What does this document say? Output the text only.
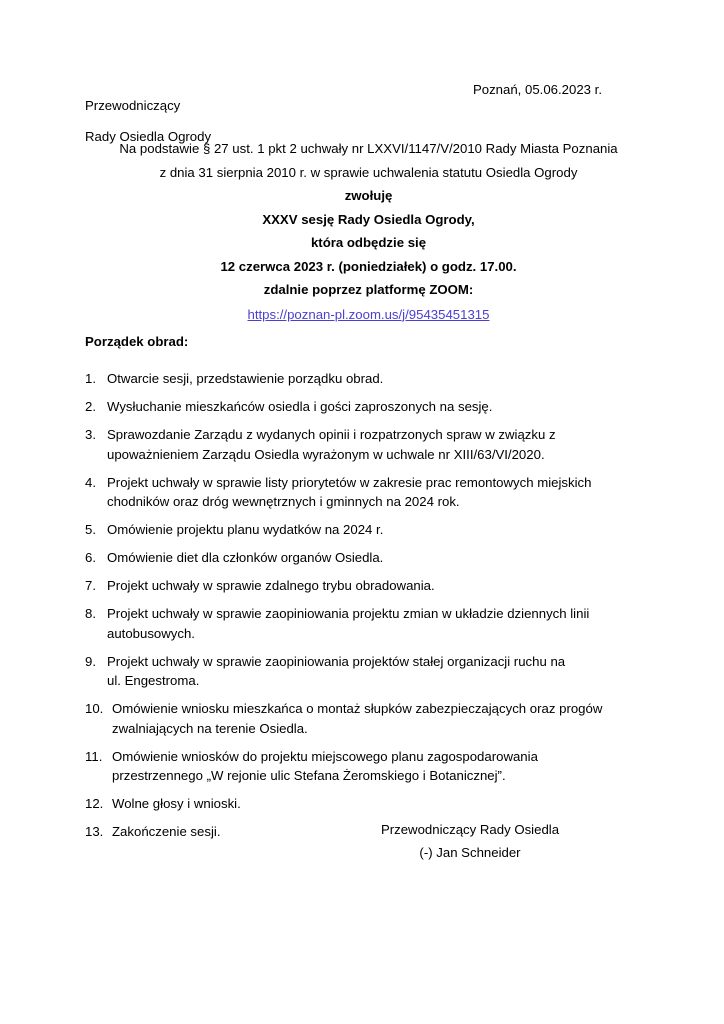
Przewodniczący

Rady Osiedla Ogrody

Poznań, 05.06.2023 r.
Na podstawie § 27 ust. 1 pkt 2 uchwały nr LXXVI/1147/V/2010 Rady Miasta Poznania
z dnia 31 sierpnia 2010 r. w sprawie uchwalenia statutu Osiedla Ogrody
zwołuję
XXXV sesję Rady Osiedla Ogrody,
która odbędzie się
12 czerwca 2023 r. (poniedziałek) o godz. 17.00.
zdalnie poprzez platformę ZOOM:
https://poznan-pl.zoom.us/j/95435451315
Porządek obrad:
1. Otwarcie sesji, przedstawienie porządku obrad.
2. Wysłuchanie mieszkańców osiedla i gości zaproszonych na sesję.
3. Sprawozdanie Zarządu z wydanych opinii i rozpatrzonych spraw w związku z
upoważnieniem Zarządu Osiedla wyrażonym w uchwale nr XIII/63/VI/2020.
4. Projekt uchwały w sprawie listy priorytetów w zakresie prac remontowych miejskich
chodników oraz dróg wewnętrznych i gminnych na 2024 rok.
5. Omówienie projektu planu wydatków na 2024 r.
6. Omówienie diet dla członków organów Osiedla.
7. Projekt uchwały w sprawie zdalnego trybu obradowania.
8. Projekt uchwały w sprawie zaopiniowania projektu zmian w układzie dziennych linii
autobusowych.
9. Projekt uchwały w sprawie zaopiniowania projektów stałej organizacji ruchu na
ul. Engestroma.
10. Omówienie wniosku mieszkańca o montaż słupków zabezpieczających oraz progów
zwalniających na terenie Osiedla.
11. Omówienie wniosków do projektu miejscowego planu zagospodarowania
przestrzennego „W rejonie ulic Stefana Żeromskiego i Botanicznej”.
12. Wolne głosy i wnioski.
13. Zakończenie sesji.	Przewodniczący Rady Osiedla
(-) Jan Schneider
